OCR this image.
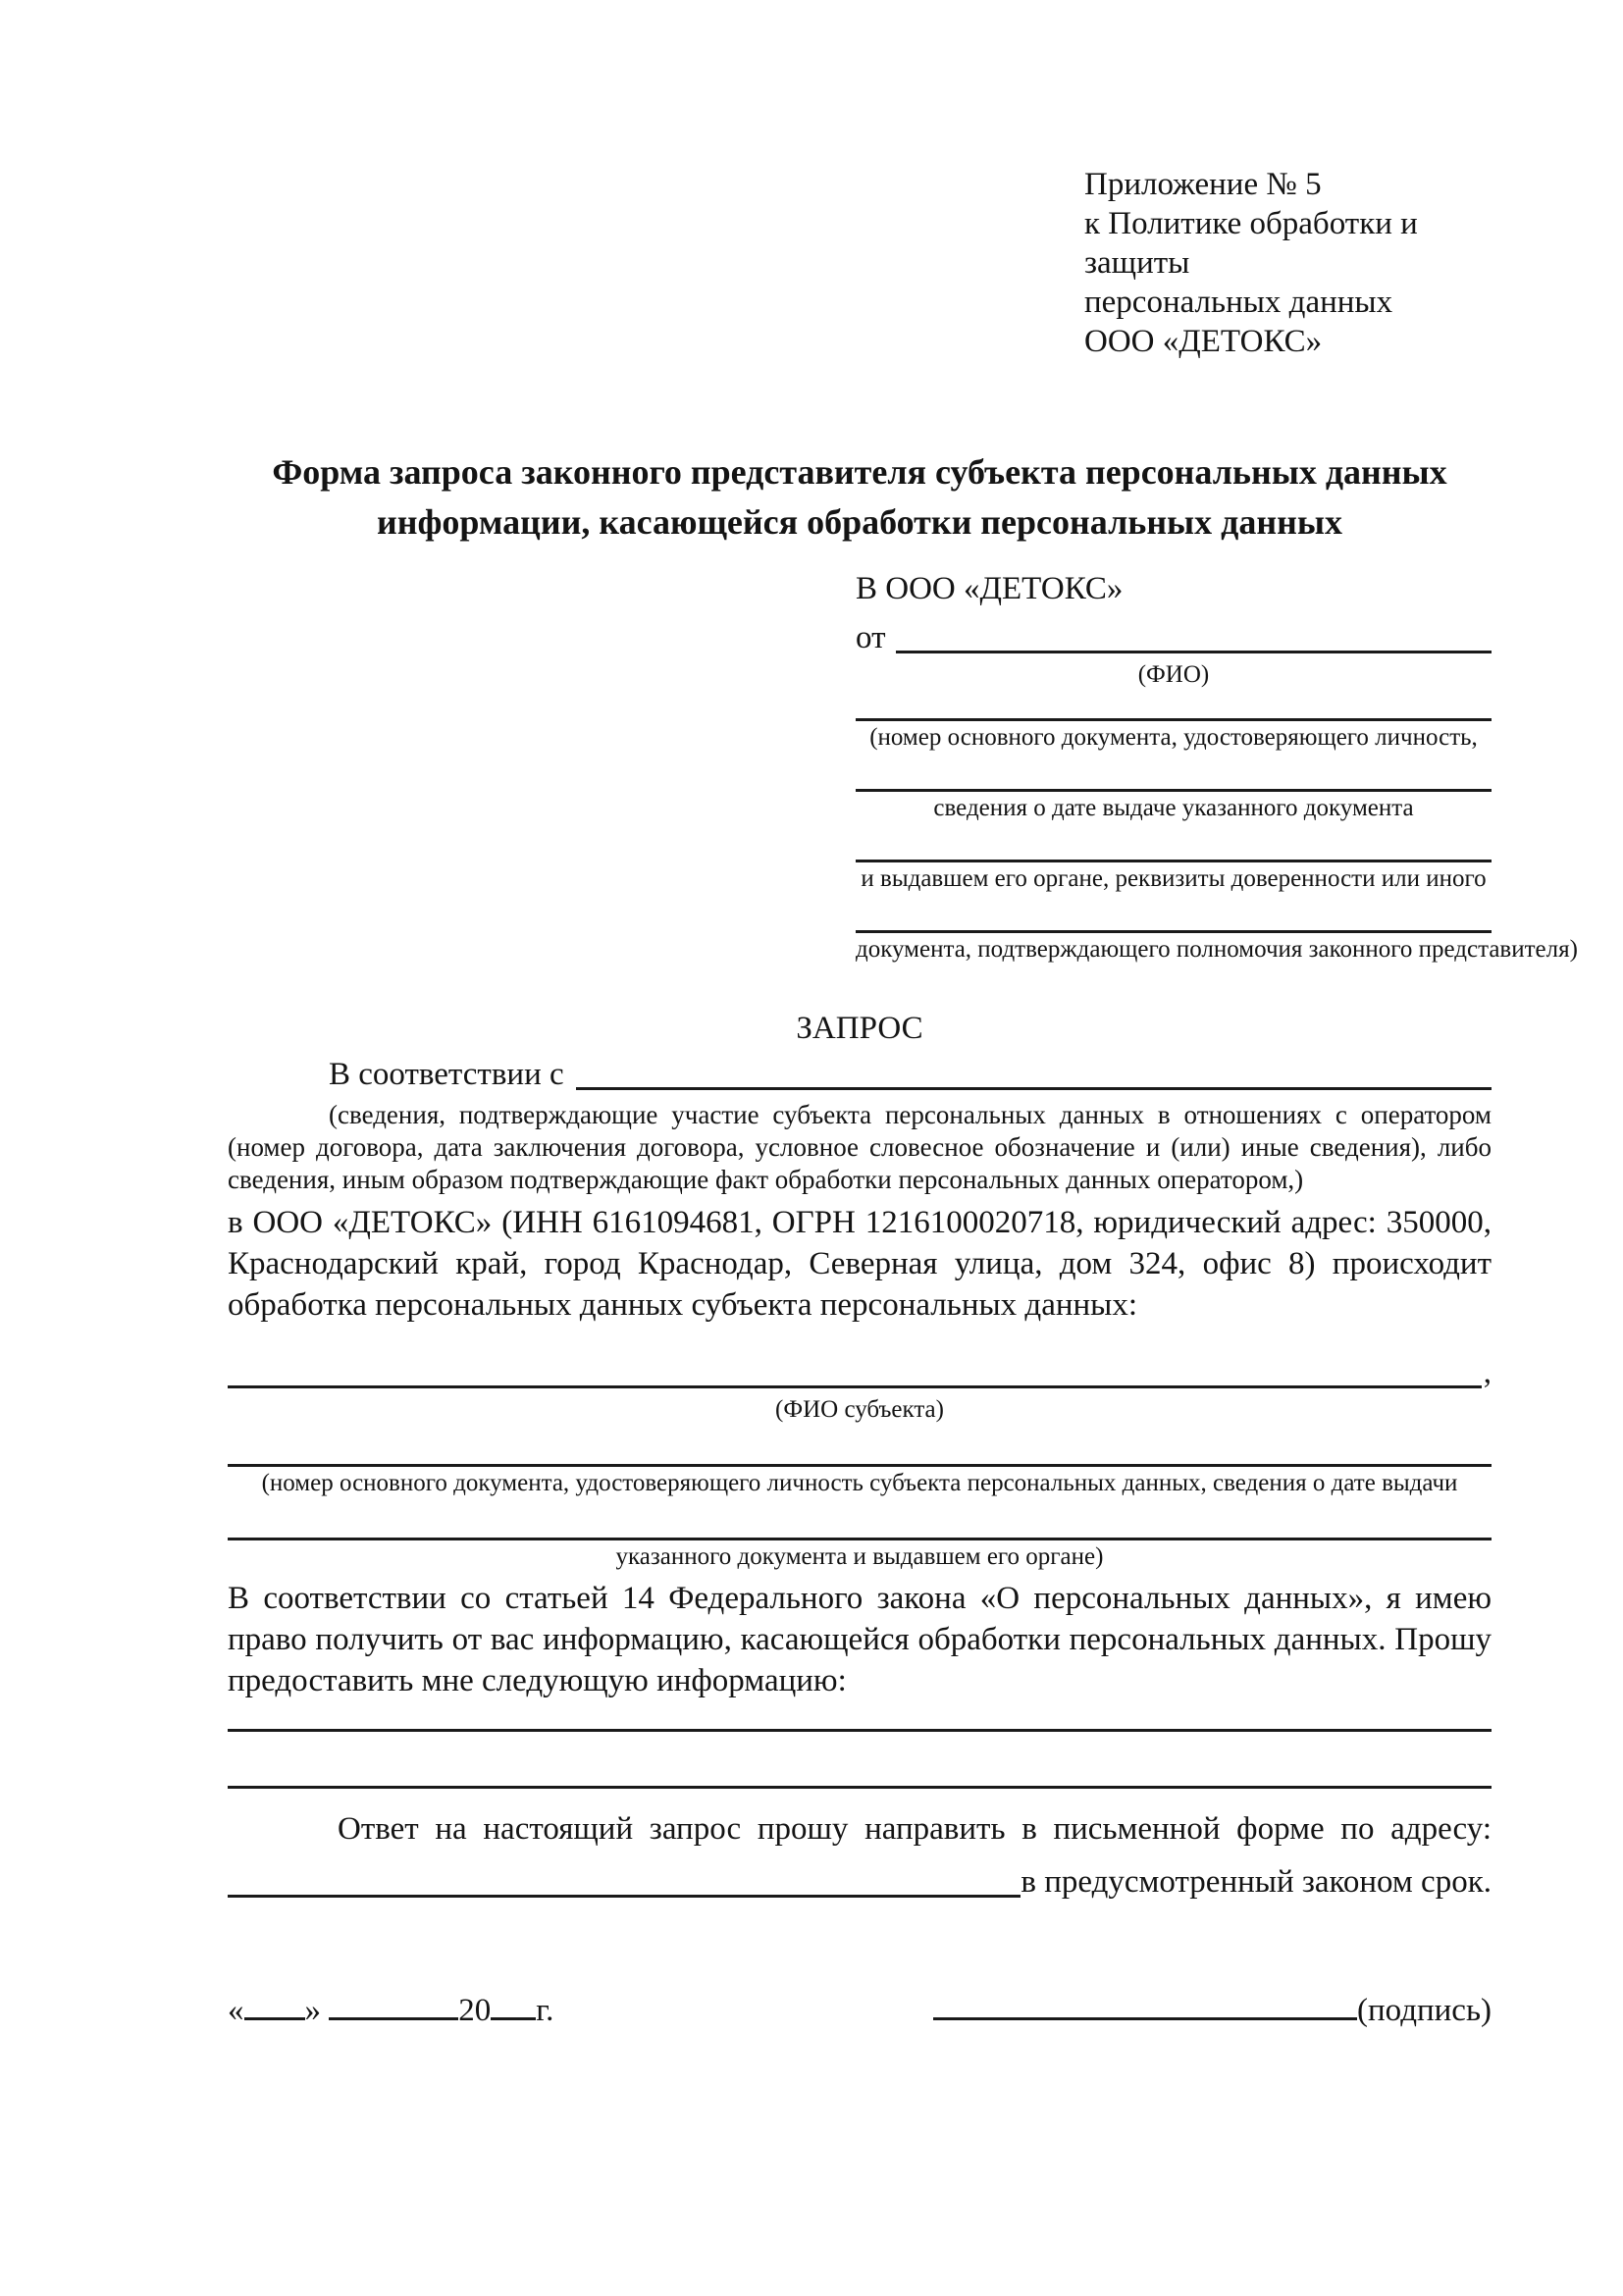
Приложение № 5
к Политике обработки и защиты
персональных данных
ООО «ДЕТОКС»
Форма запроса законного представителя субъекта персональных данных информации, касающейся обработки персональных данных
В ООО «ДЕТОКС»
от
(ФИО)
(номер основного документа, удостоверяющего личность,
сведения о дате выдаче указанного документа
и выдавшем его органе, реквизиты доверенности или иного
документа, подтверждающего полномочия законного представителя)
ЗАПРОС
В соответствии с
(сведения, подтверждающие участие субъекта персональных данных в отношениях с оператором (номер договора, дата заключения договора, условное словесное обозначение и (или) иные сведения), либо сведения, иным образом подтверждающие факт обработки персональных данных оператором,)

в ООО «ДЕТОКС» (ИНН 6161094681, ОГРН 1216100020718, юридический адрес: 350000, Краснодарский край, город Краснодар, Северная улица, дом 324, офис 8) происходит обработка персональных данных субъекта персональных данных:

,
(ФИО субъекта)
(номер основного документа, удостоверяющего личность субъекта персональных данных, сведения о дате выдачи
указанного документа и выдавшем его органе)

В соответствии со статьей 14 Федерального закона «О персональных данных», я имею право получить от вас информацию, касающейся обработки персональных данных. Прошу предоставить мне следующую информацию:

Ответ на настоящий запрос прошу направить в письменной форме по адресу:

в предусмотренный законом срок.
« »	20 г.	(подпись)
